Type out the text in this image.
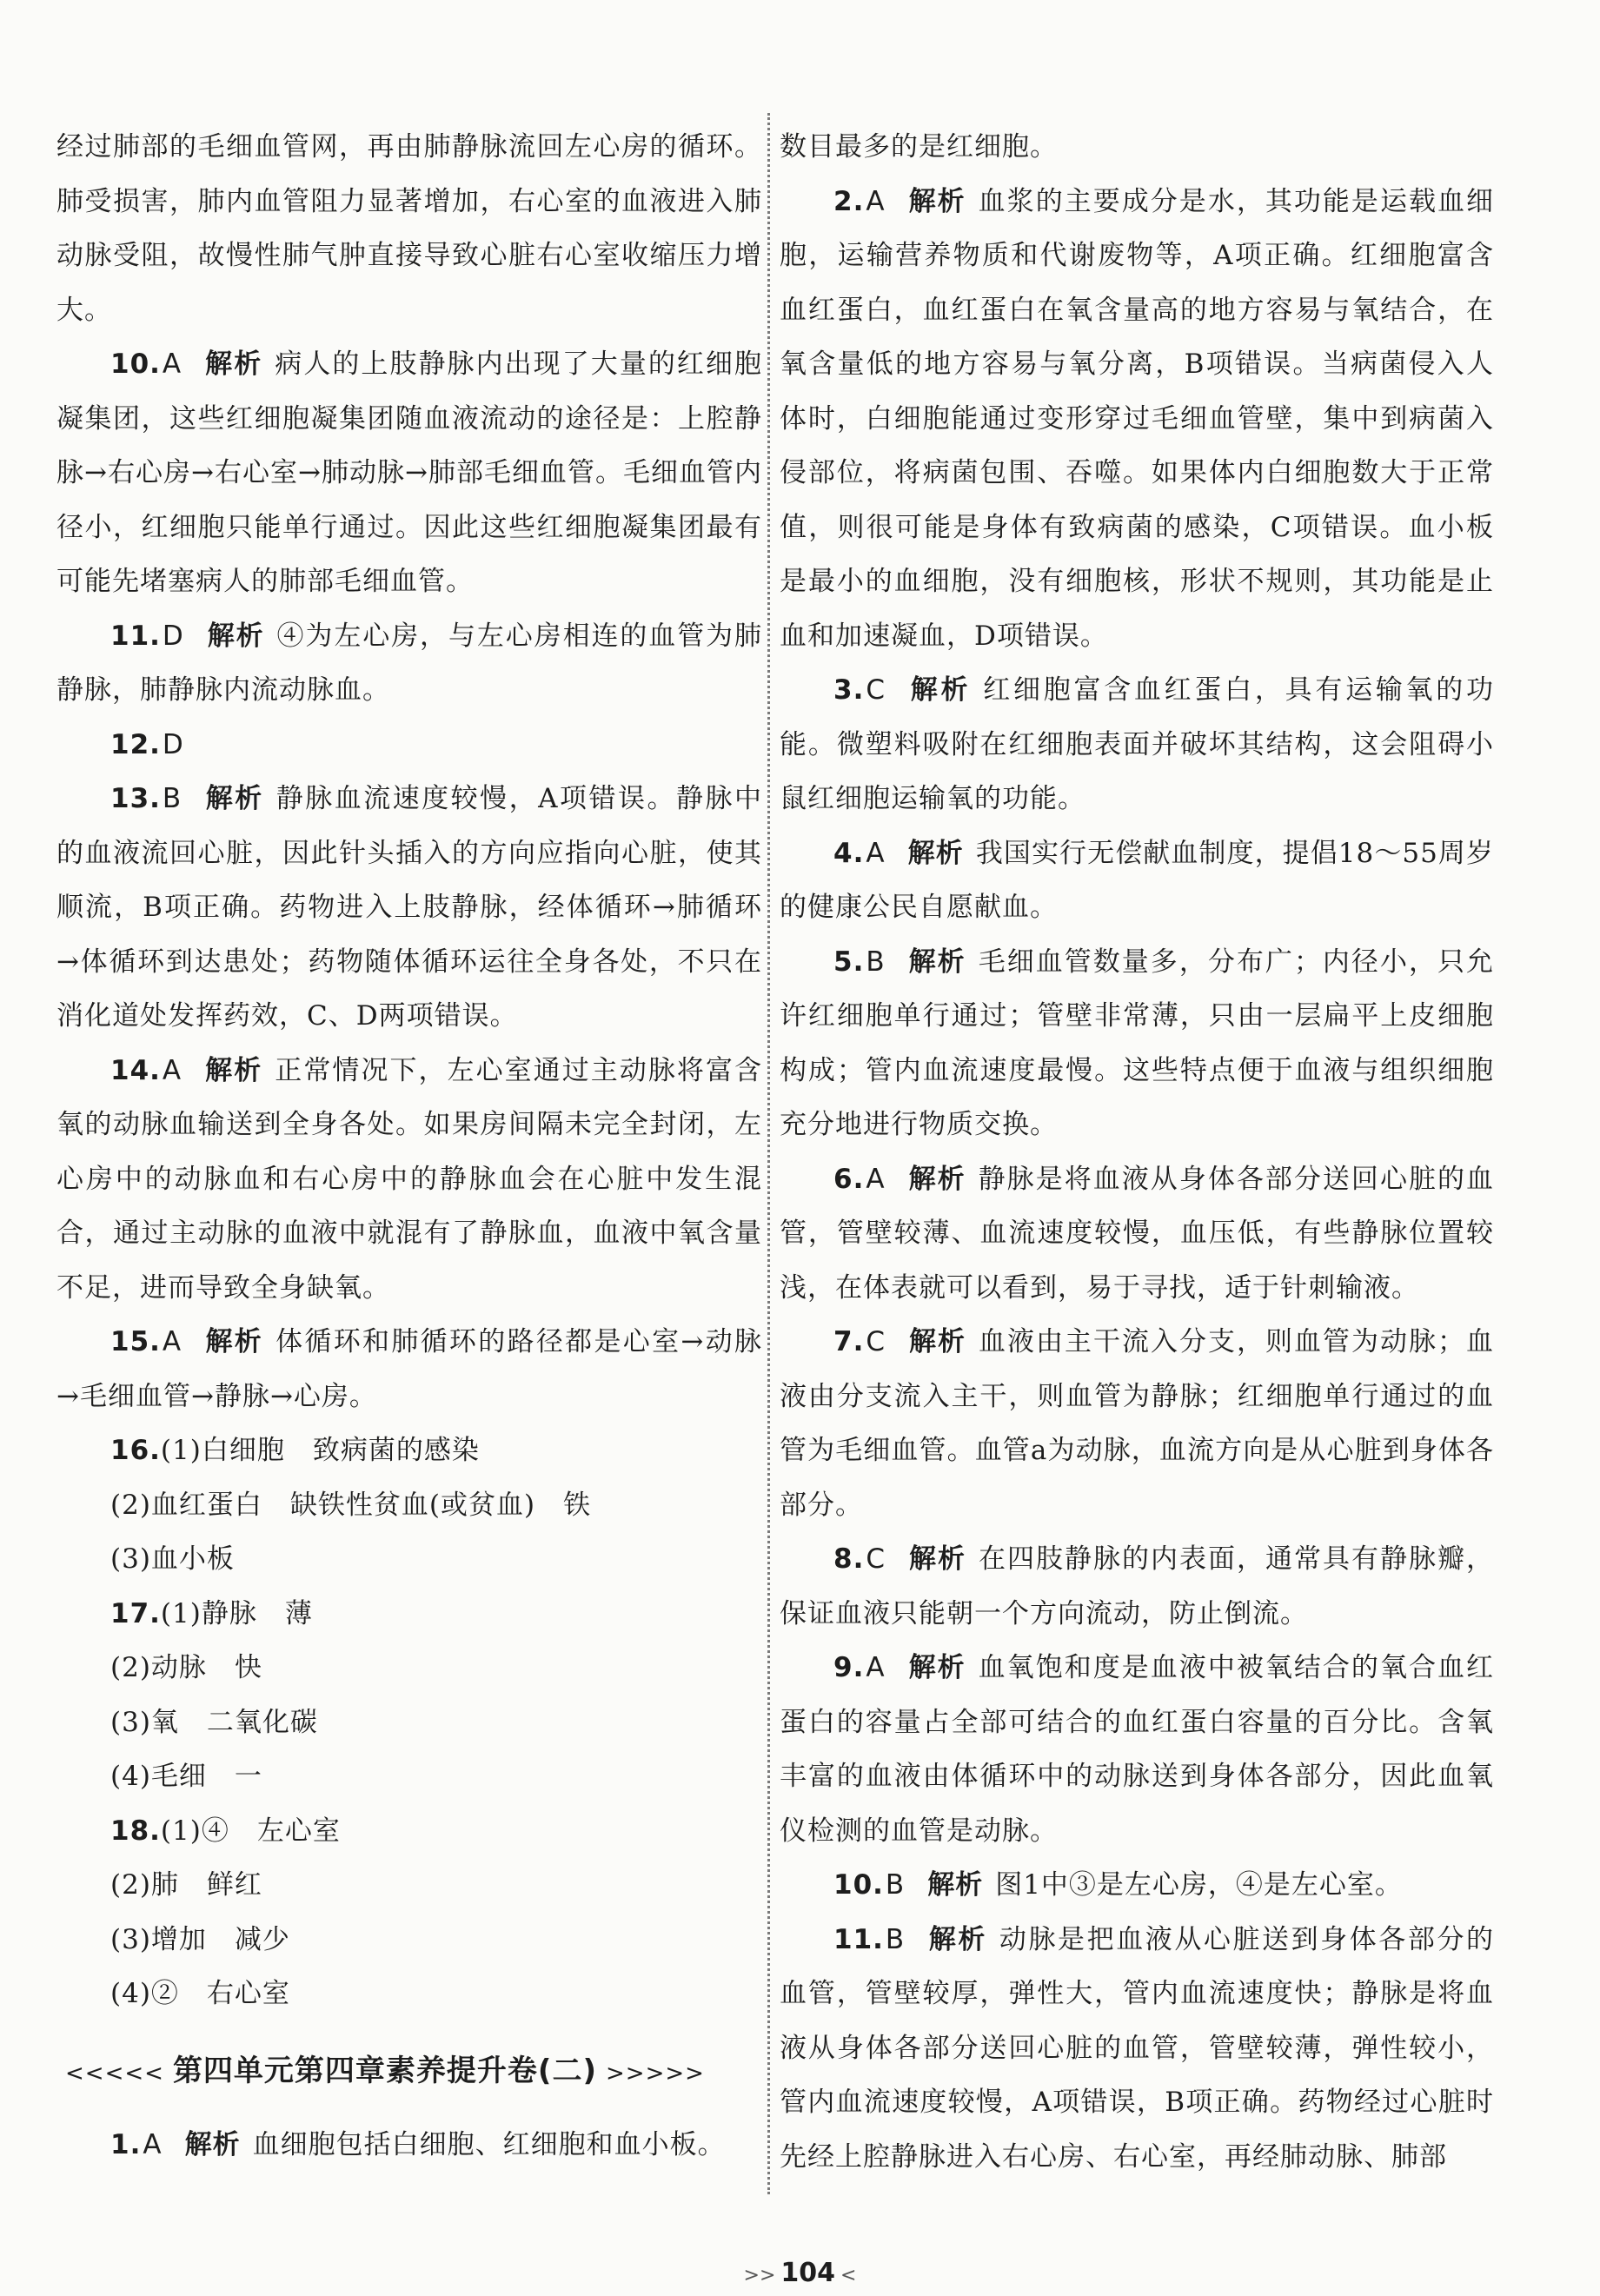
经过肺部的毛细血管网，再由肺静脉流回左心房的循环。肺受损害，肺内血管阻力显著增加，右心室的血液进入肺动脉受阻，故慢性肺气肿直接导致心脏右心室收缩压力增大。

10.A 解析 病人的上肢静脉内出现了大量的红细胞凝集团，这些红细胞凝集团随血液流动的途径是：上腔静脉→右心房→右心室→肺动脉→肺部毛细血管。毛细血管内径小，红细胞只能单行通过。因此这些红细胞凝集团最有可能先堵塞病人的肺部毛细血管。

11.D 解析 ④为左心房，与左心房相连的血管为肺静脉，肺静脉内流动脉血。

12.D

13.B 解析 静脉血流速度较慢，A项错误。静脉中的血液流回心脏，因此针头插入的方向应指向心脏，使其顺流，B项正确。药物进入上肢静脉，经体循环→肺循环→体循环到达患处；药物随体循环运往全身各处，不只在消化道处发挥药效，C、D两项错误。

14.A 解析 正常情况下，左心室通过主动脉将富含氧的动脉血输送到全身各处。如果房间隔未完全封闭，左心房中的动脉血和右心房中的静脉血会在心脏中发生混合，通过主动脉的血液中就混有了静脉血，血液中氧含量不足，进而导致全身缺氧。

15.A 解析 体循环和肺循环的路径都是心室→动脉→毛细血管→静脉→心房。

16.(1)白细胞　致病菌的感染

(2)血红蛋白　缺铁性贫血(或贫血)　铁

(3)血小板

17.(1)静脉　薄

(2)动脉　快

(3)氧　二氧化碳

(4)毛细　一

18.(1)④　左心室

(2)肺　鲜红

(3)增加　减少

(4)②　右心室

<<<<< 第四单元第四章素养提升卷(二) >>>>>

1.A 解析 血细胞包括白细胞、红细胞和血小板。

数目最多的是红细胞。

2.A 解析 血浆的主要成分是水，其功能是运载血细胞，运输营养物质和代谢废物等，A项正确。红细胞富含血红蛋白，血红蛋白在氧含量高的地方容易与氧结合，在氧含量低的地方容易与氧分离，B项错误。当病菌侵入人体时，白细胞能通过变形穿过毛细血管壁，集中到病菌入侵部位，将病菌包围、吞噬。如果体内白细胞数大于正常值，则很可能是身体有致病菌的感染，C项错误。血小板是最小的血细胞，没有细胞核，形状不规则，其功能是止血和加速凝血，D项错误。

3.C 解析 红细胞富含血红蛋白，具有运输氧的功能。微塑料吸附在红细胞表面并破坏其结构，这会阻碍小鼠红细胞运输氧的功能。

4.A 解析 我国实行无偿献血制度，提倡18～55周岁的健康公民自愿献血。

5.B 解析 毛细血管数量多，分布广；内径小，只允许红细胞单行通过；管壁非常薄，只由一层扁平上皮细胞构成；管内血流速度最慢。这些特点便于血液与组织细胞充分地进行物质交换。

6.A 解析 静脉是将血液从身体各部分送回心脏的血管，管壁较薄、血流速度较慢，血压低，有些静脉位置较浅，在体表就可以看到，易于寻找，适于针刺输液。

7.C 解析 血液由主干流入分支，则血管为动脉；血液由分支流入主干，则血管为静脉；红细胞单行通过的血管为毛细血管。血管a为动脉，血流方向是从心脏到身体各部分。

8.C 解析 在四肢静脉的内表面，通常具有静脉瓣，保证血液只能朝一个方向流动，防止倒流。

9.A 解析 血氧饱和度是血液中被氧结合的氧合血红蛋白的容量占全部可结合的血红蛋白容量的百分比。含氧丰富的血液由体循环中的动脉送到身体各部分，因此血氧仪检测的血管是动脉。

10.B 解析 图1中③是左心房，④是左心室。

11.B 解析 动脉是把血液从心脏送到身体各部分的血管，管壁较厚，弹性大，管内血流速度快；静脉是将血液从身体各部分送回心脏的血管，管壁较薄，弹性较小，管内血流速度较慢，A项错误，B项正确。药物经过心脏时先经上腔静脉进入右心房、右心室，再经肺动脉、肺部

>> 104 <
